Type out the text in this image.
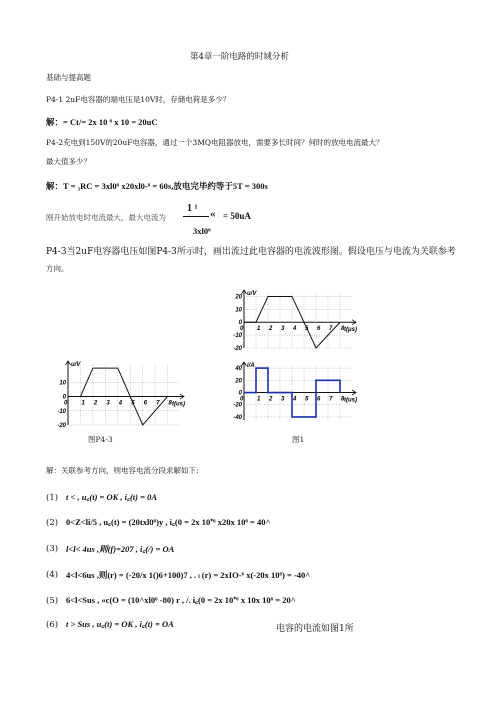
第4章一阶电路的时域分析
基础与提高题
P4-1 2uF电容器的端电压是10V时，存储电荷是多少？
解：= Ct/= 2x 10 ⁶ x 10 = 20uC
P4-2充电到150V的20uF电容器，通过一个3MQ电阻器放电，需要多长时间？何时的放电电流最大？
最大值多少？
解：T = ₃RC = 3xl0⁶ x20xl0-⁶ = 60s,放电完毕约等于5T = 300s
刚开始放电时电流最大，最大电流为
1 ¹ « = 50uA
3xl0⁶
P4-3当2uF电容器电压如图P4-3所示时，画出流过此电容器的电流波形图。假设电压与电流为关联参考
方向。
0 1 2 3 4 5 6 7 8
10
0
-10
-20
u/V
t(us)
图P4-3
0 1 2 3 4 5 6 7 8
20
10
0
-10
-20
u/V
t(μs)
0 1 2 3 4 5 6 7 8
40
20
0
-20
-40
i/A
t(us)
图1
解：关联参考方向，则电容电流分段求解如下:
(1) t < , u꜀(t) = OK , i꜀(t) = 0A
(2) 0<Z<li/5 , u꜀(t) = (20txl0⁶)y , i꜀(0 = 2x 10⁺⁶ x20x 10⁶ = 40^
(3) l<l< 4us ,则(f)=207 , i꜀(/) = OA
(4) 4<l<6us ,则(r) = (-20/x 1()6+100)7 , . ₗ (r) = 2xIO-⁶ x(-20x 10⁶) = -40^
(5) 6<l<Sus , «c(O = (10^xl0⁶ -80) r , /. i꜀(0 = 2x 10⁺⁶ x 10x 10⁶ = 20^
(6) t > Sus , u꜀(t) = OK , i꜀(t) = OA	电容的电流如图1所
